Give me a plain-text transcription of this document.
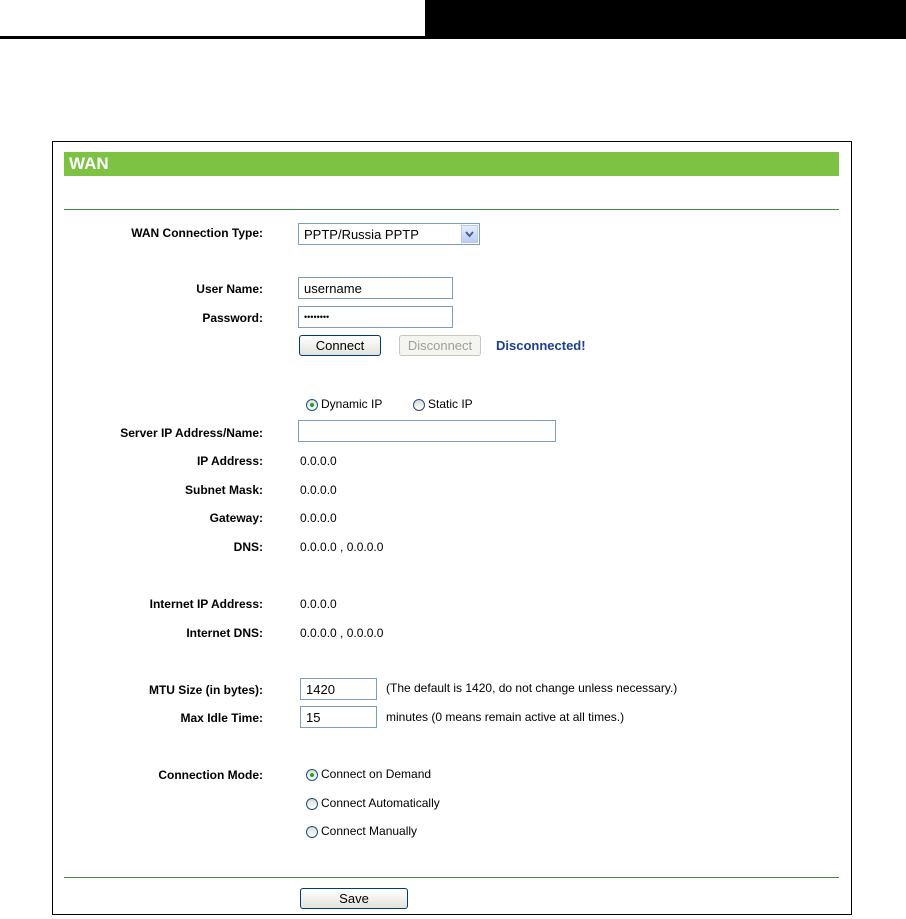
WAN
WAN Connection Type:	PPTP/Russia PPTP
User Name:	username
Password:	••••••••
Connect	Disconnect	Disconnected!
Dynamic IP	Static IP
Server IP Address/Name:
IP Address:	0.0.0.0
Subnet Mask:	0.0.0.0
Gateway:	0.0.0.0
DNS:	0.0.0.0 , 0.0.0.0
Internet IP Address:	0.0.0.0
Internet DNS:	0.0.0.0 , 0.0.0.0
MTU Size (in bytes):	1420	(The default is 1420, do not change unless necessary.)
Max Idle Time:	15	minutes (0 means remain active at all times.)
Connection Mode:	Connect on Demand
Connect Automatically
Connect Manually
Save
